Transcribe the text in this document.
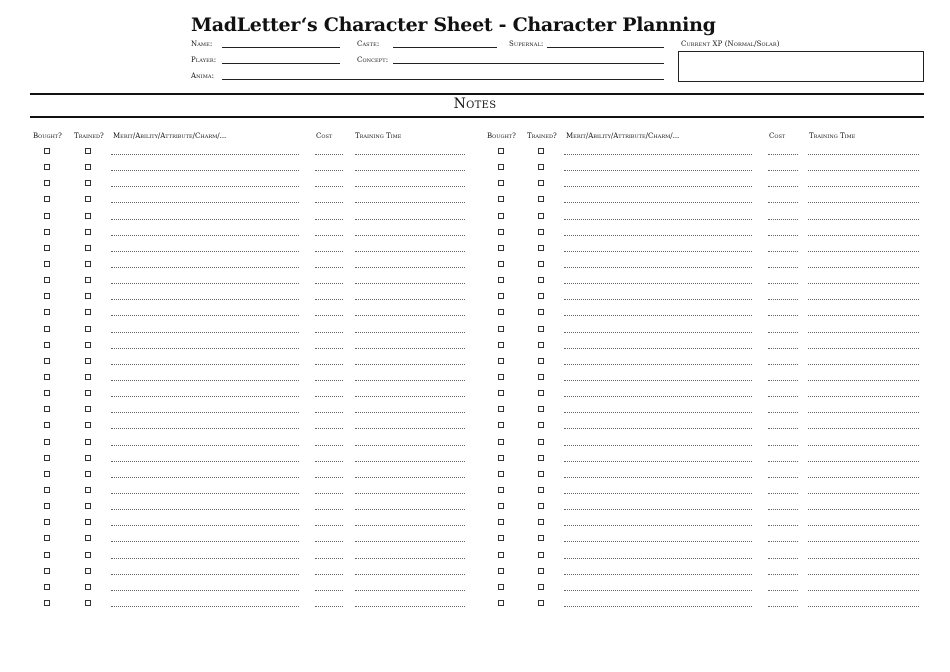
MadLetter‘s Character Sheet - Character Planning
Name:	Caste:	Supernal:	Current XP (Normal/Solar)
Player:	Concept:
Anima:
Notes
Bought? Trained? Merit/Ability/Attribute/Charm/...	Cost	Training Time	Bought? Trained? Merit/Ability/Attribute/Charm/...	Cost	Training Time
